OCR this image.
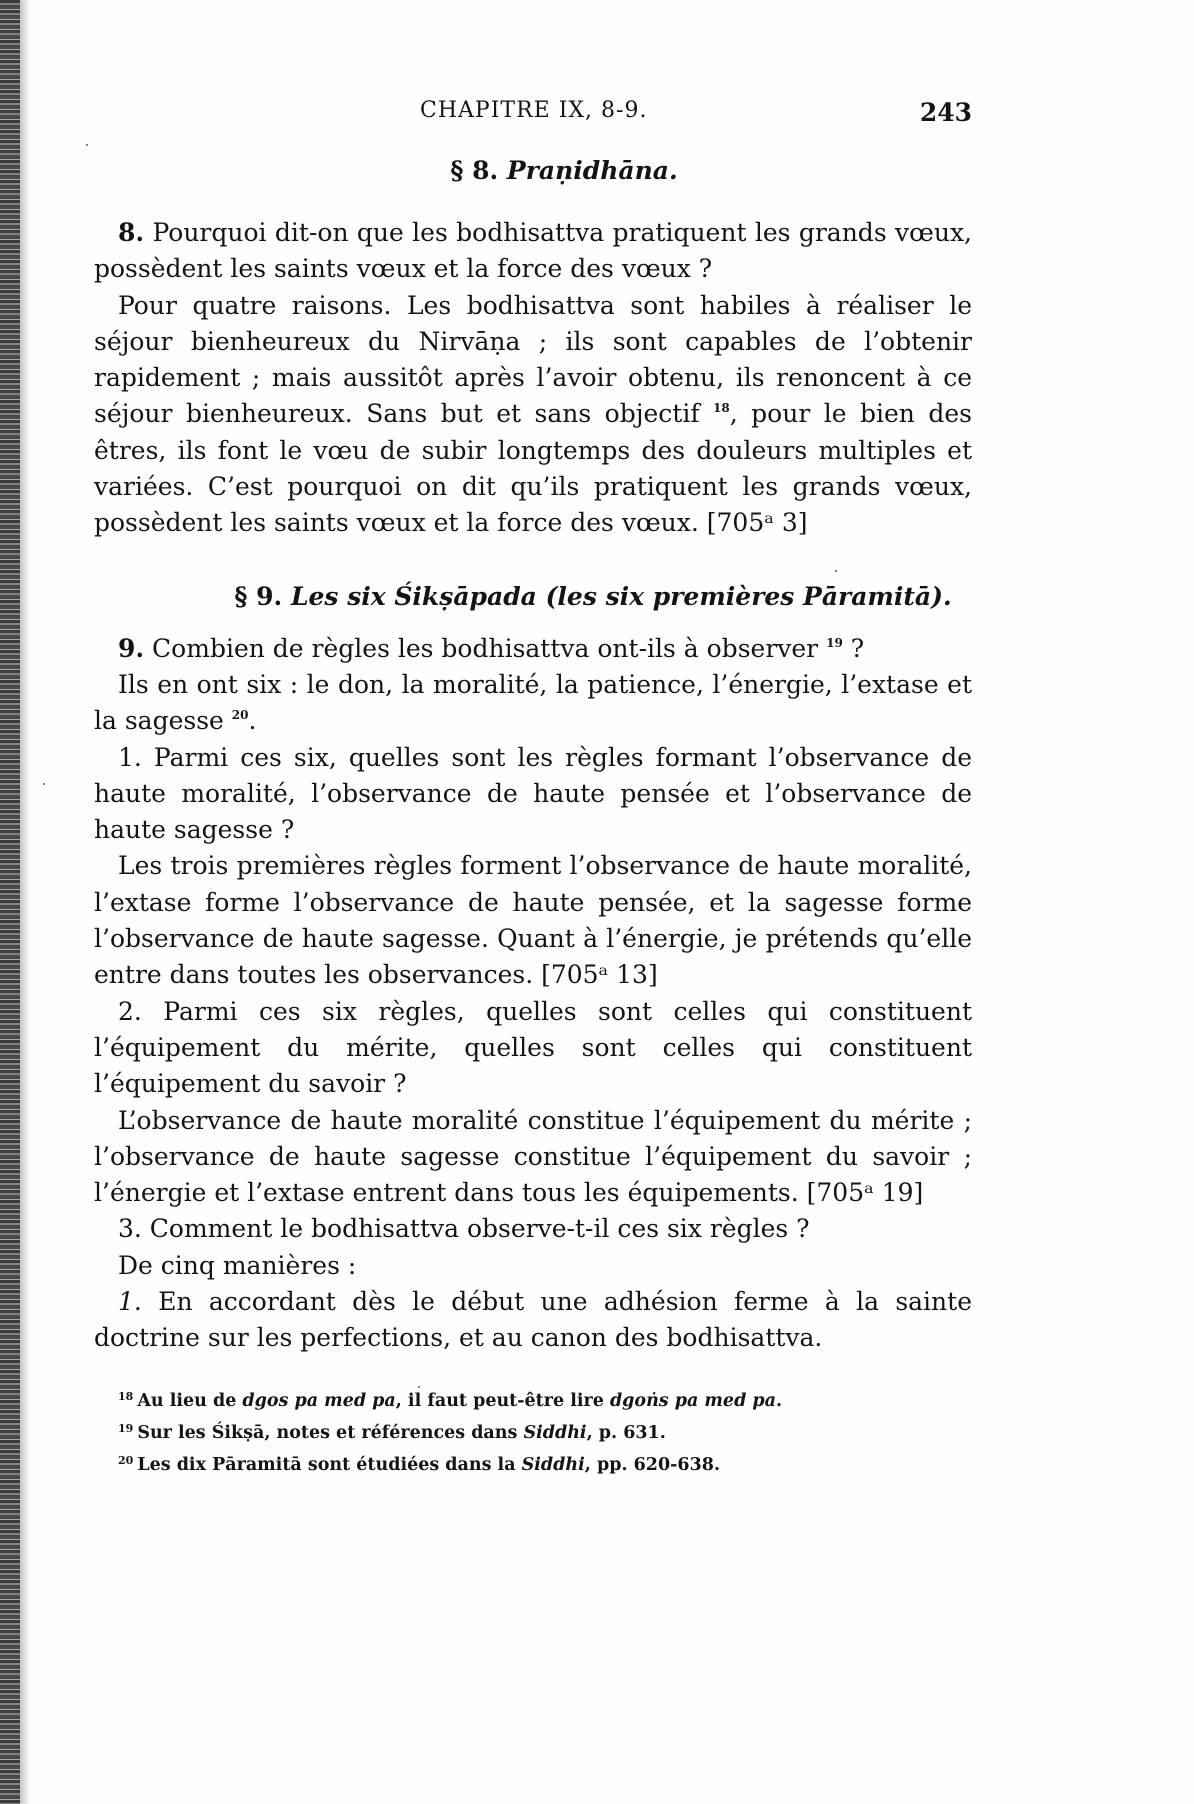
CHAPITRE IX, 8-9.	243
§ 8. Praṇidhāna.

8. Pourquoi dit-on que les bodhisattva pratiquent les grands vœux, possèdent les saints vœux et la force des vœux ?

Pour quatre raisons. Les bodhisattva sont habiles à réaliser le séjour bienheureux du Nirvāṇa ; ils sont capables de l’obtenir rapidement ; mais aussitôt après l’avoir obtenu, ils renoncent à ce séjour bienheureux. Sans but et sans objectif $^{18}$, pour le bien des êtres, ils font le vœu de subir longtemps des douleurs multiples et variées. C’est pourquoi on dit qu’ils pratiquent les grands vœux, possèdent les saints vœux et la force des vœux. [705ᵃ 3]

§ 9. Les six Śikṣāpada (les six premières Pāramitā).

9. Combien de règles les bodhisattva ont-ils à observer $^{19}$ ?

Ils en ont six : le don, la moralité, la patience, l’énergie, l’extase et la sagesse $^{20}$.

1. Parmi ces six, quelles sont les règles formant l’observance de haute moralité, l’observance de haute pensée et l’observance de haute sagesse ?

Les trois premières règles forment l’observance de haute moralité, l’extase forme l’observance de haute pensée, et la sagesse forme l’observance de haute sagesse. Quant à l’énergie, je prétends qu’elle entre dans toutes les observances. [705ᵃ 13]

2. Parmi ces six règles, quelles sont celles qui constituent l’équipement du mérite, quelles sont celles qui constituent l’équipement du savoir ?

L’observance de haute moralité constitue l’équipement du mérite ; l’observance de haute sagesse constitue l’équipement du savoir ; l’énergie et l’extase entrent dans tous les équipements. [705ᵃ 19]

3. Comment le bodhisattva observe-t-il ces six règles ?

De cinq manières :

1. En accordant dès le début une adhésion ferme à la sainte doctrine sur les perfections, et au canon des bodhisattva.

$^{18}$ Au lieu de dgos pa med pa, il faut peut-être lire dgoṅs pa med pa.
$^{19}$ Sur les Śikṣā, notes et références dans Siddhi, p. 631.
$^{20}$ Les dix Pāramitā sont étudiées dans la Siddhi, pp. 620-638.
